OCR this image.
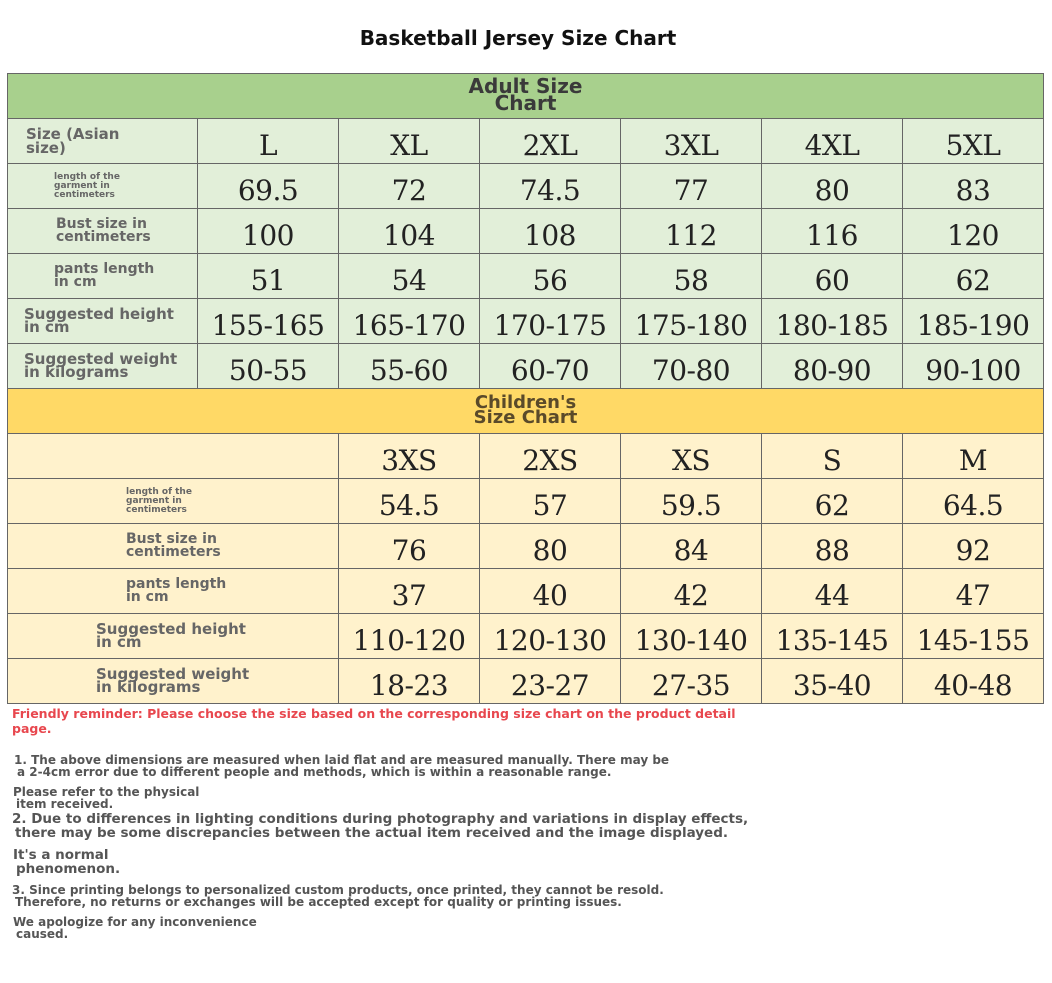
Basketball Jersey Size Chart
Adult Size Chart						

Size (Asian size)	L	XL	2XL	3XL	4XL	5XL

length of the garment in centimeters	69.5	72	74.5	77	80	83

Bust size in centimeters	100	104	108	112	116	120

pants length in cm	51	54	56	58	60	62

Suggested height in cm	155-165	165-170	170-175	175-180	180-185	185-190

Suggested weight in kilograms	50-55	55-60	60-70	70-80	80-90	90-100
Children's Size Chart						
		3XS	2XS	XS	S	M

length of the garment in centimeters		54.5	57	59.5	62	64.5

Bust size in centimeters		76	80	84	88	92

pants length in cm		37	40	42	44	47

Suggested height in cm		110-120	120-130	130-140	135-145	145-155

Suggested weight in kilograms		18-23	23-27	27-35	35-40	40-48

Friendly reminder: Please choose the size based on the corresponding size chart on the product detail page.

1. The above dimensions are measured when laid flat and are measured manually. There may be
a 2-4cm error due to different people and methods, which is within a reasonable range.

Please refer to the physical
item received.

2. Due to differences in lighting conditions during photography and variations in display effects,
there may be some discrepancies between the actual item received and the image displayed.

It's a normal
phenomenon.

3. Since printing belongs to personalized custom products, once printed, they cannot be resold.
Therefore, no returns or exchanges will be accepted except for quality or printing issues.

We apologize for any inconvenience
caused.
